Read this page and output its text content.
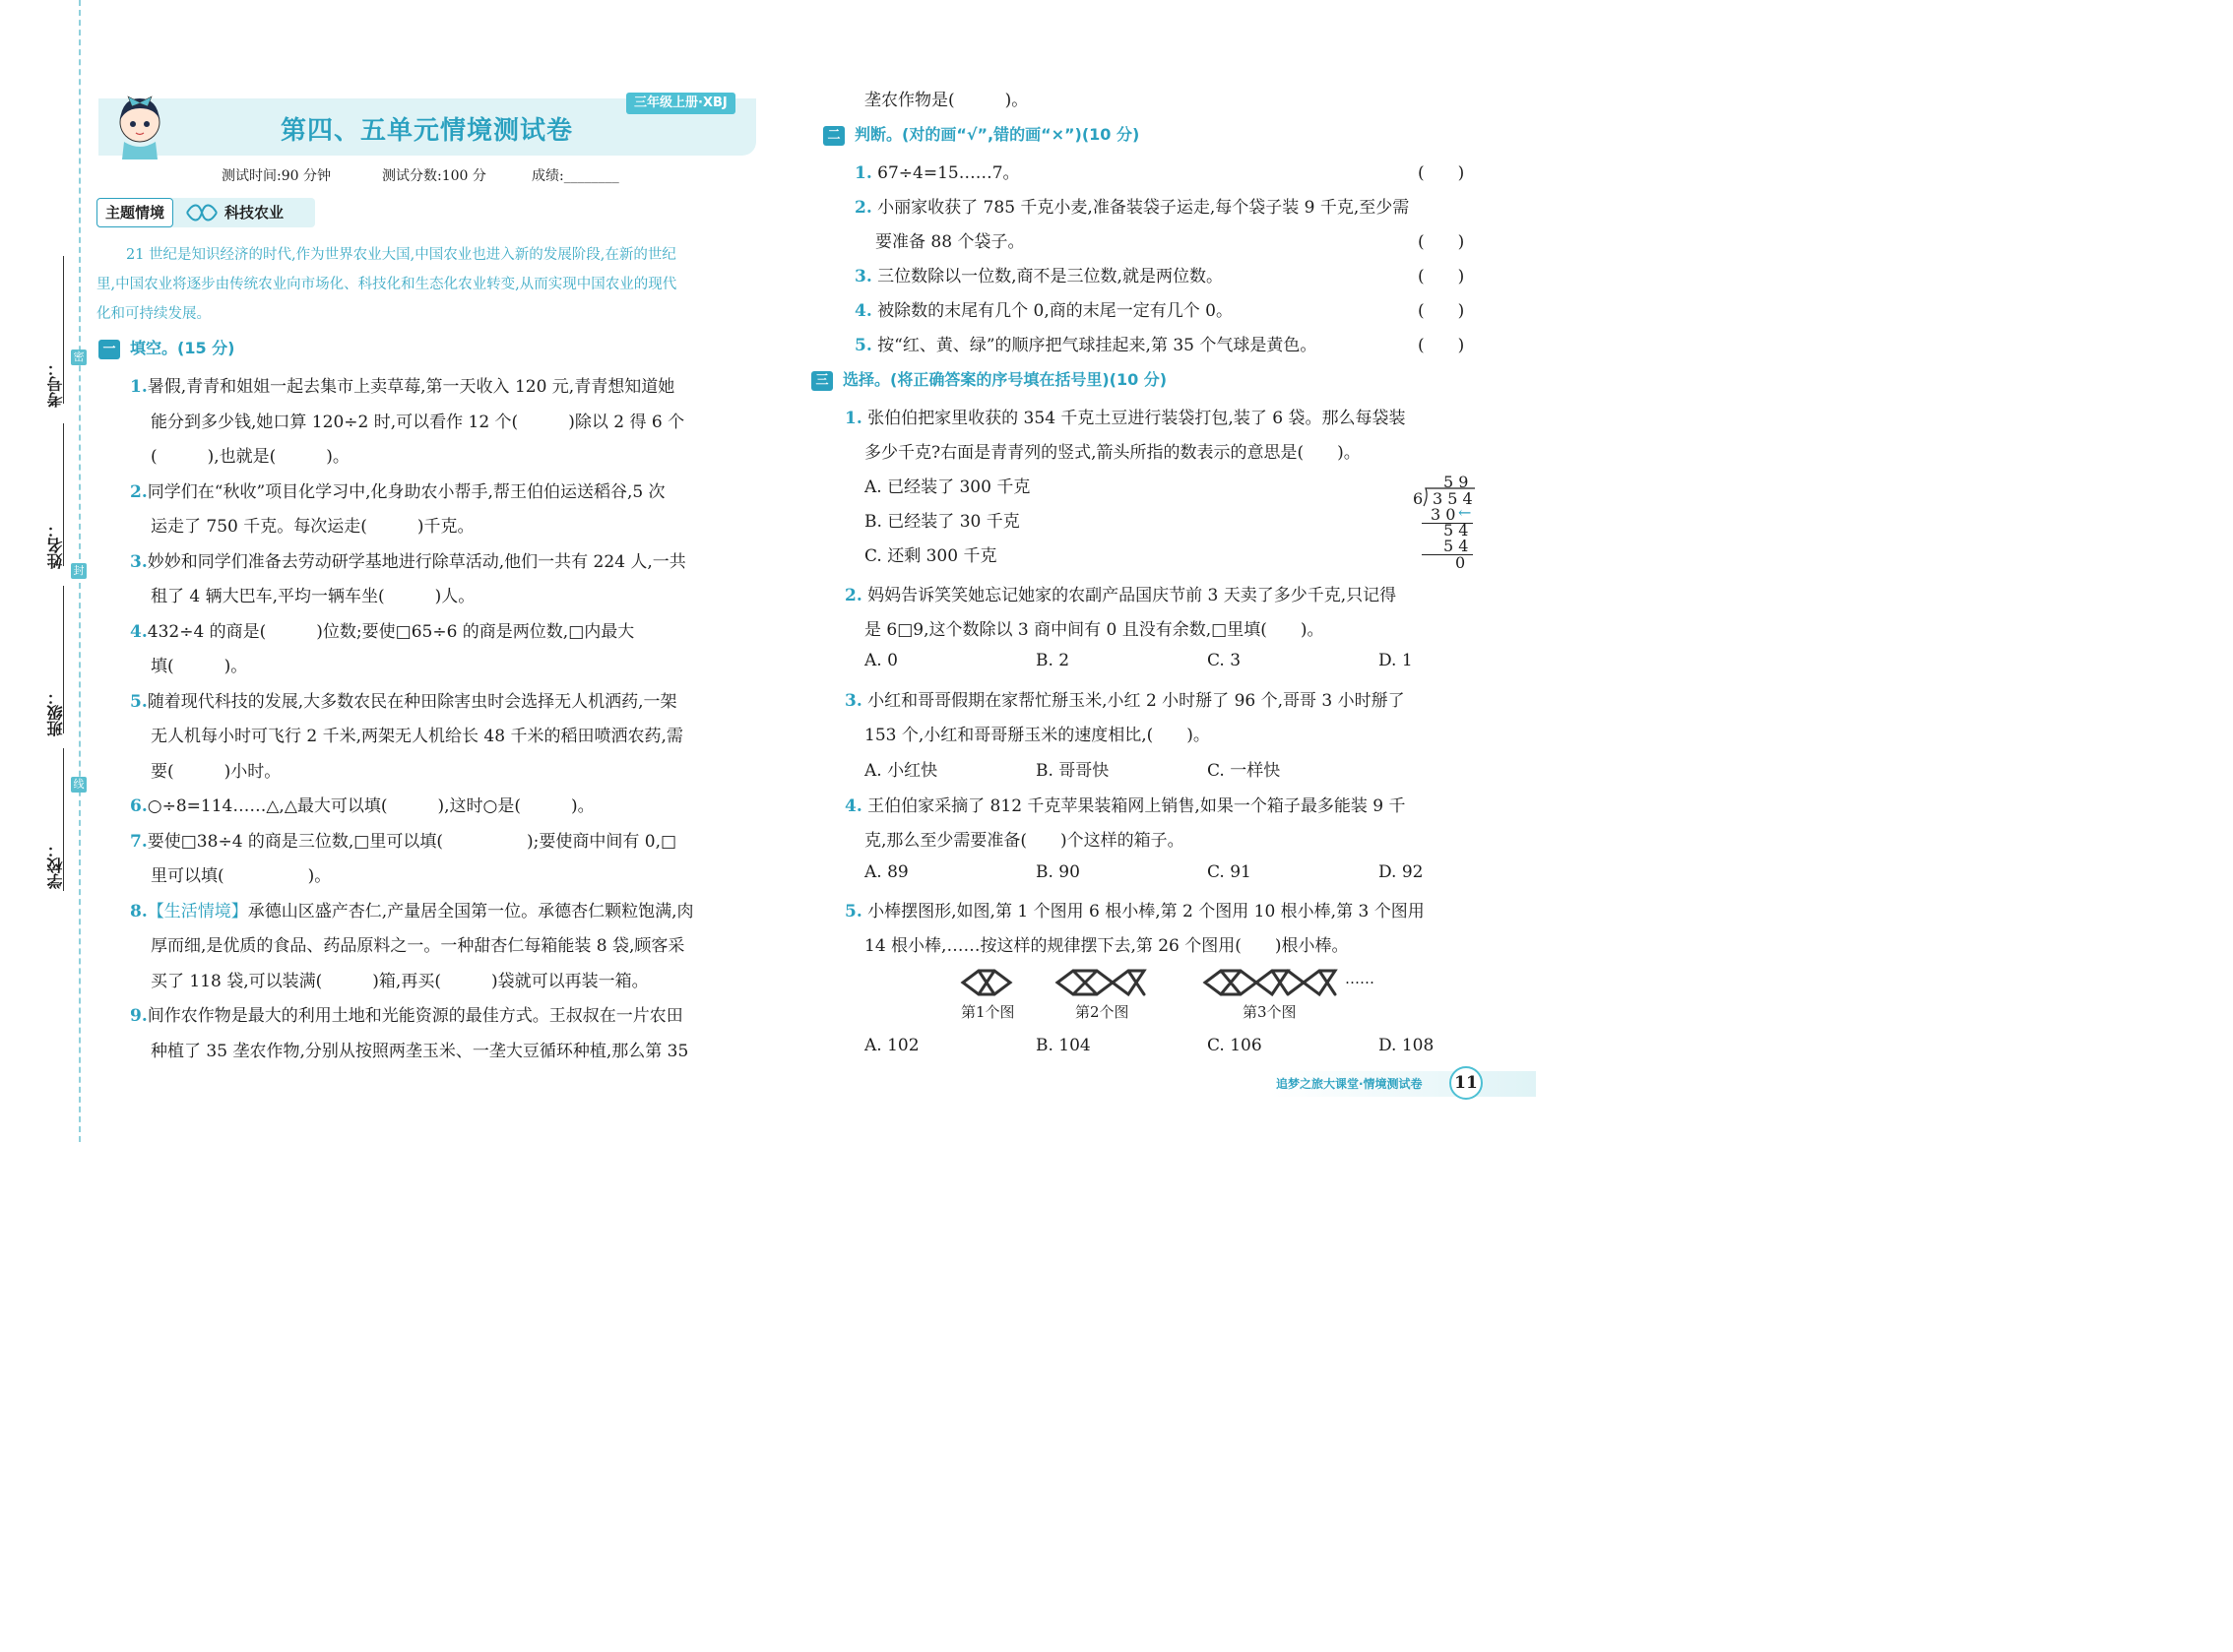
密
封
线
考号：
姓名：
班级：
学校：
第四、五单元情境测试卷
三年级上册·XBJ
测试时间:90 分钟	测试分数:100 分	成绩:________
主题情境	科技农业
21 世纪是知识经济的时代,作为世界农业大国,中国农业也进入新的发展阶段,在新的世纪
里,中国农业将逐步由传统农业向市场化、科技化和生态化农业转变,从而实现中国农业的现代
化和可持续发展。
一 填空。(15 分)
1.暑假,青青和姐姐一起去集市上卖草莓,第一天收入 120 元,青青想知道她
能分到多少钱,她口算 120÷2 时,可以看作 12 个(　　　)除以 2 得 6 个
(　　　),也就是(　　　)。
2.同学们在“秋收”项目化学习中,化身助农小帮手,帮王伯伯运送稻谷,5 次
运走了 750 千克。每次运走(　　　)千克。
3.妙妙和同学们准备去劳动研学基地进行除草活动,他们一共有 224 人,一共
租了 4 辆大巴车,平均一辆车坐(　　　)人。
4.432÷4 的商是(　　　)位数;要使□65÷6 的商是两位数,□内最大
填(　　　)。
5.随着现代科技的发展,大多数农民在种田除害虫时会选择无人机洒药,一架
无人机每小时可飞行 2 千米,两架无人机给长 48 千米的稻田喷洒农药,需
要(　　　)小时。
6.○÷8=114……△,△最大可以填(　　　),这时○是(　　　)。
7.要使□38÷4 的商是三位数,□里可以填(　　　　　);要使商中间有 0,□
里可以填(　　　　　)。
8.【生活情境】承德山区盛产杏仁,产量居全国第一位。承德杏仁颗粒饱满,肉
厚而细,是优质的食品、药品原料之一。一种甜杏仁每箱能装 8 袋,顾客采
买了 118 袋,可以装满(　　　)箱,再买(　　　)袋就可以再装一箱。
9.间作农作物是最大的利用土地和光能资源的最佳方式。王叔叔在一片农田
种植了 35 垄农作物,分别从按照两垄玉米、一垄大豆循环种植,那么第 35
垄农作物是(　　　)。
二 判断。(对的画“√”,错的画“×”)(10 分)
1. 67÷4=15……7。	(　　)
2. 小丽家收获了 785 千克小麦,准备装袋子运走,每个袋子装 9 千克,至少需
要准备 88 个袋子。	(　　)
3. 三位数除以一位数,商不是三位数,就是两位数。	(　　)
4. 被除数的末尾有几个 0,商的末尾一定有几个 0。	(　　)
5. 按“红、黄、绿”的顺序把气球挂起来,第 35 个气球是黄色。	(　　)
三 选择。(将正确答案的序号填在括号里)(10 分)
1. 张伯伯把家里收获的 354 千克土豆进行装袋打包,装了 6 袋。那么每袋装
多少千克?右面是青青列的竖式,箭头所指的数表示的意思是(　　)。
A. 已经装了 300 千克
B. 已经装了 30 千克
C. 还剩 300 千克
5 9
6 3 5 4
3 0 ←
5 4
5 4
0
2. 妈妈告诉笑笑她忘记她家的农副产品国庆节前 3 天卖了多少千克,只记得
是 6□9,这个数除以 3 商中间有 0 且没有余数,□里填(　　)。
A. 0	B. 2	C. 3	D. 1
3. 小红和哥哥假期在家帮忙掰玉米,小红 2 小时掰了 96 个,哥哥 3 小时掰了
153 个,小红和哥哥掰玉米的速度相比,(　　)。
A. 小红快	B. 哥哥快	C. 一样快
4. 王伯伯家采摘了 812 千克苹果装箱网上销售,如果一个箱子最多能装 9 千
克,那么至少需要准备(　　)个这样的箱子。
A. 89	B. 90	C. 91	D. 92
5. 小棒摆图形,如图,第 1 个图用 6 根小棒,第 2 个图用 10 根小棒,第 3 个图用
14 根小棒,……按这样的规律摆下去,第 26 个图用(　　)根小棒。
……
第1个图	第2个图	第3个图
A. 102	B. 104	C. 106	D. 108
追梦之旅大课堂·情境测试卷	11
